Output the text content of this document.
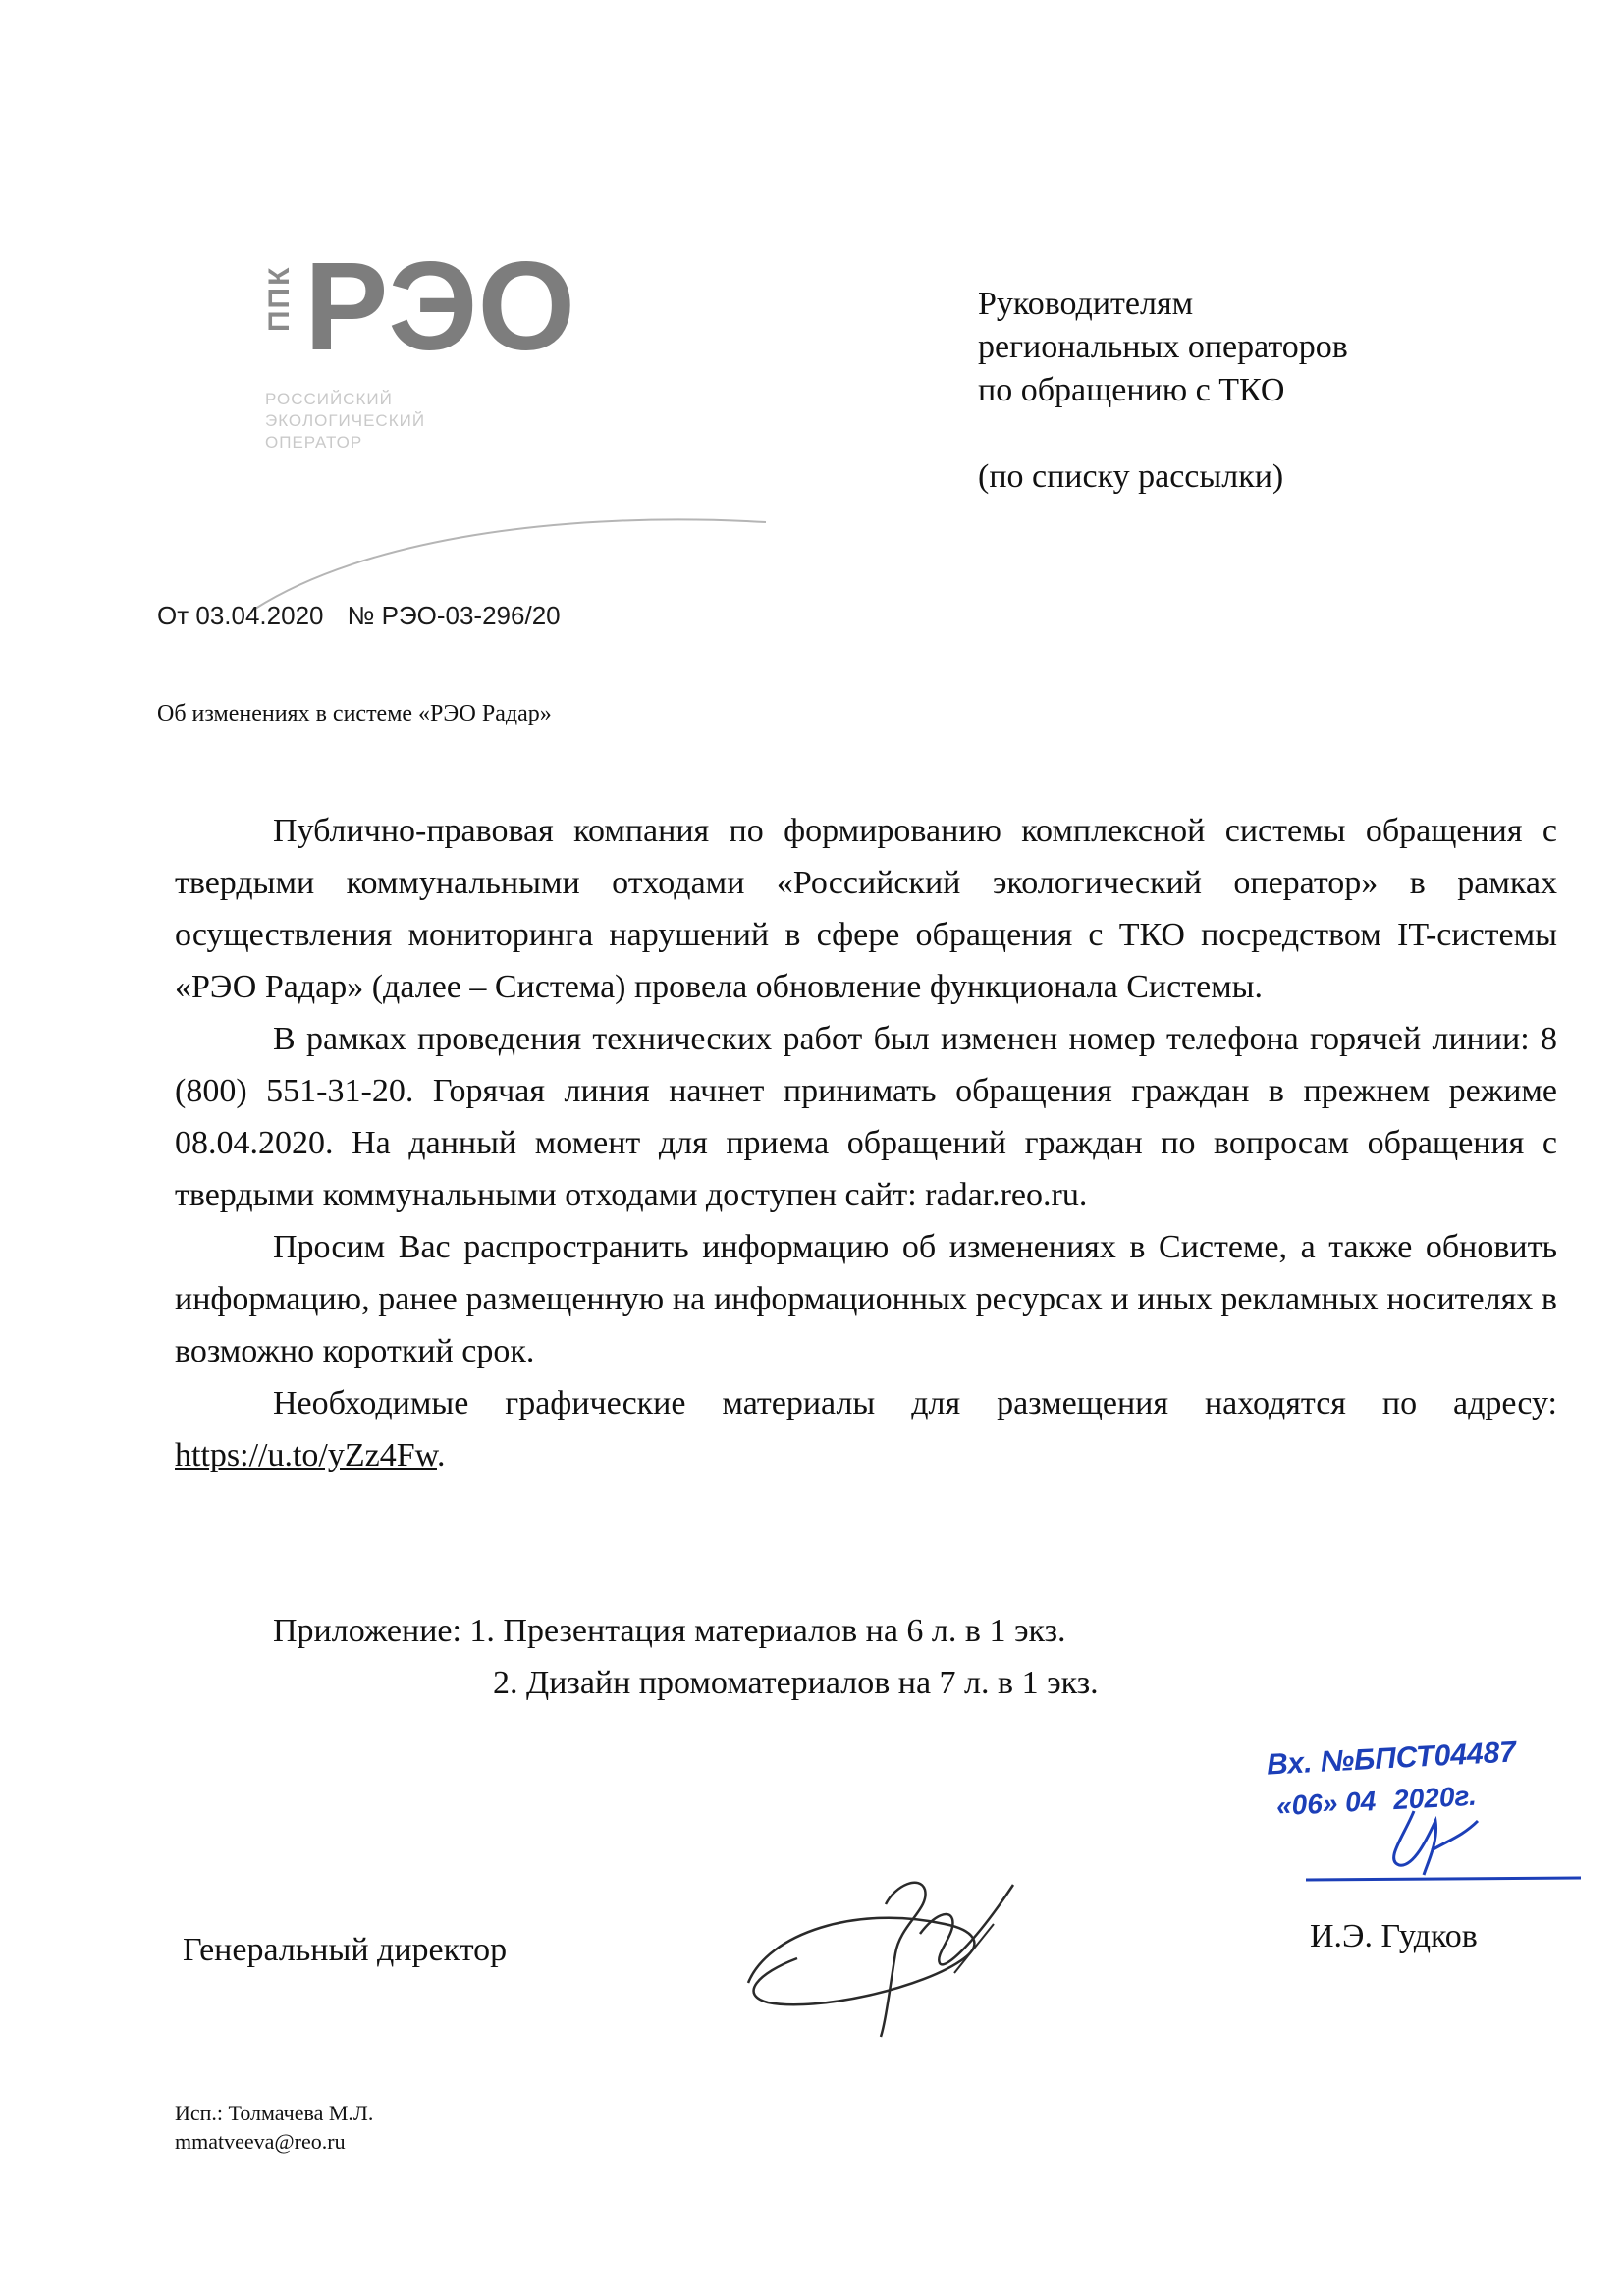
ППК РЭО
РОССИЙСКИЙ
ЭКОЛОГИЧЕСКИЙ
ОПЕРАТОР
Руководителям
региональных операторов
по обращению с ТКО
(по списку рассылки)
От 03.04.2020 № РЭО-03-296/20
Об изменениях в системе «РЭО Радар»

Публично-правовая компания по формированию комплексной системы обращения с твердыми коммунальными отходами «Российский экологический оператор» в рамках осуществления мониторинга нарушений в сфере обращения с ТКО посредством IT-системы «РЭО Радар» (далее – Система) провела обновление функционала Системы.

В рамках проведения технических работ был изменен номер телефона горячей линии: 8 (800) 551-31-20. Горячая линия начнет принимать обращения граждан в прежнем режиме 08.04.2020. На данный момент для приема обращений граждан по вопросам обращения с твердыми коммунальными отходами доступен сайт: radar.reo.ru.

Просим Вас распространить информацию об изменениях в Системе, а также обновить информацию, ранее размещенную на информационных ресурсах и иных рекламных носителях в возможно короткий срок.

Необходимые графические материалы для размещения находятся по адресу: https://u.to/yZz4Fw.

Приложение: 1. Презентация материалов на 6 л. в 1 экз.
2. Дизайн промоматериалов на 7 л. в 1 экз.
Вх. №БПСТ04487
«06» 04 2020г.
Генеральный директор	И.Э. Гудков
Исп.: Толмачева М.Л.
mmatveeva@reo.ru
